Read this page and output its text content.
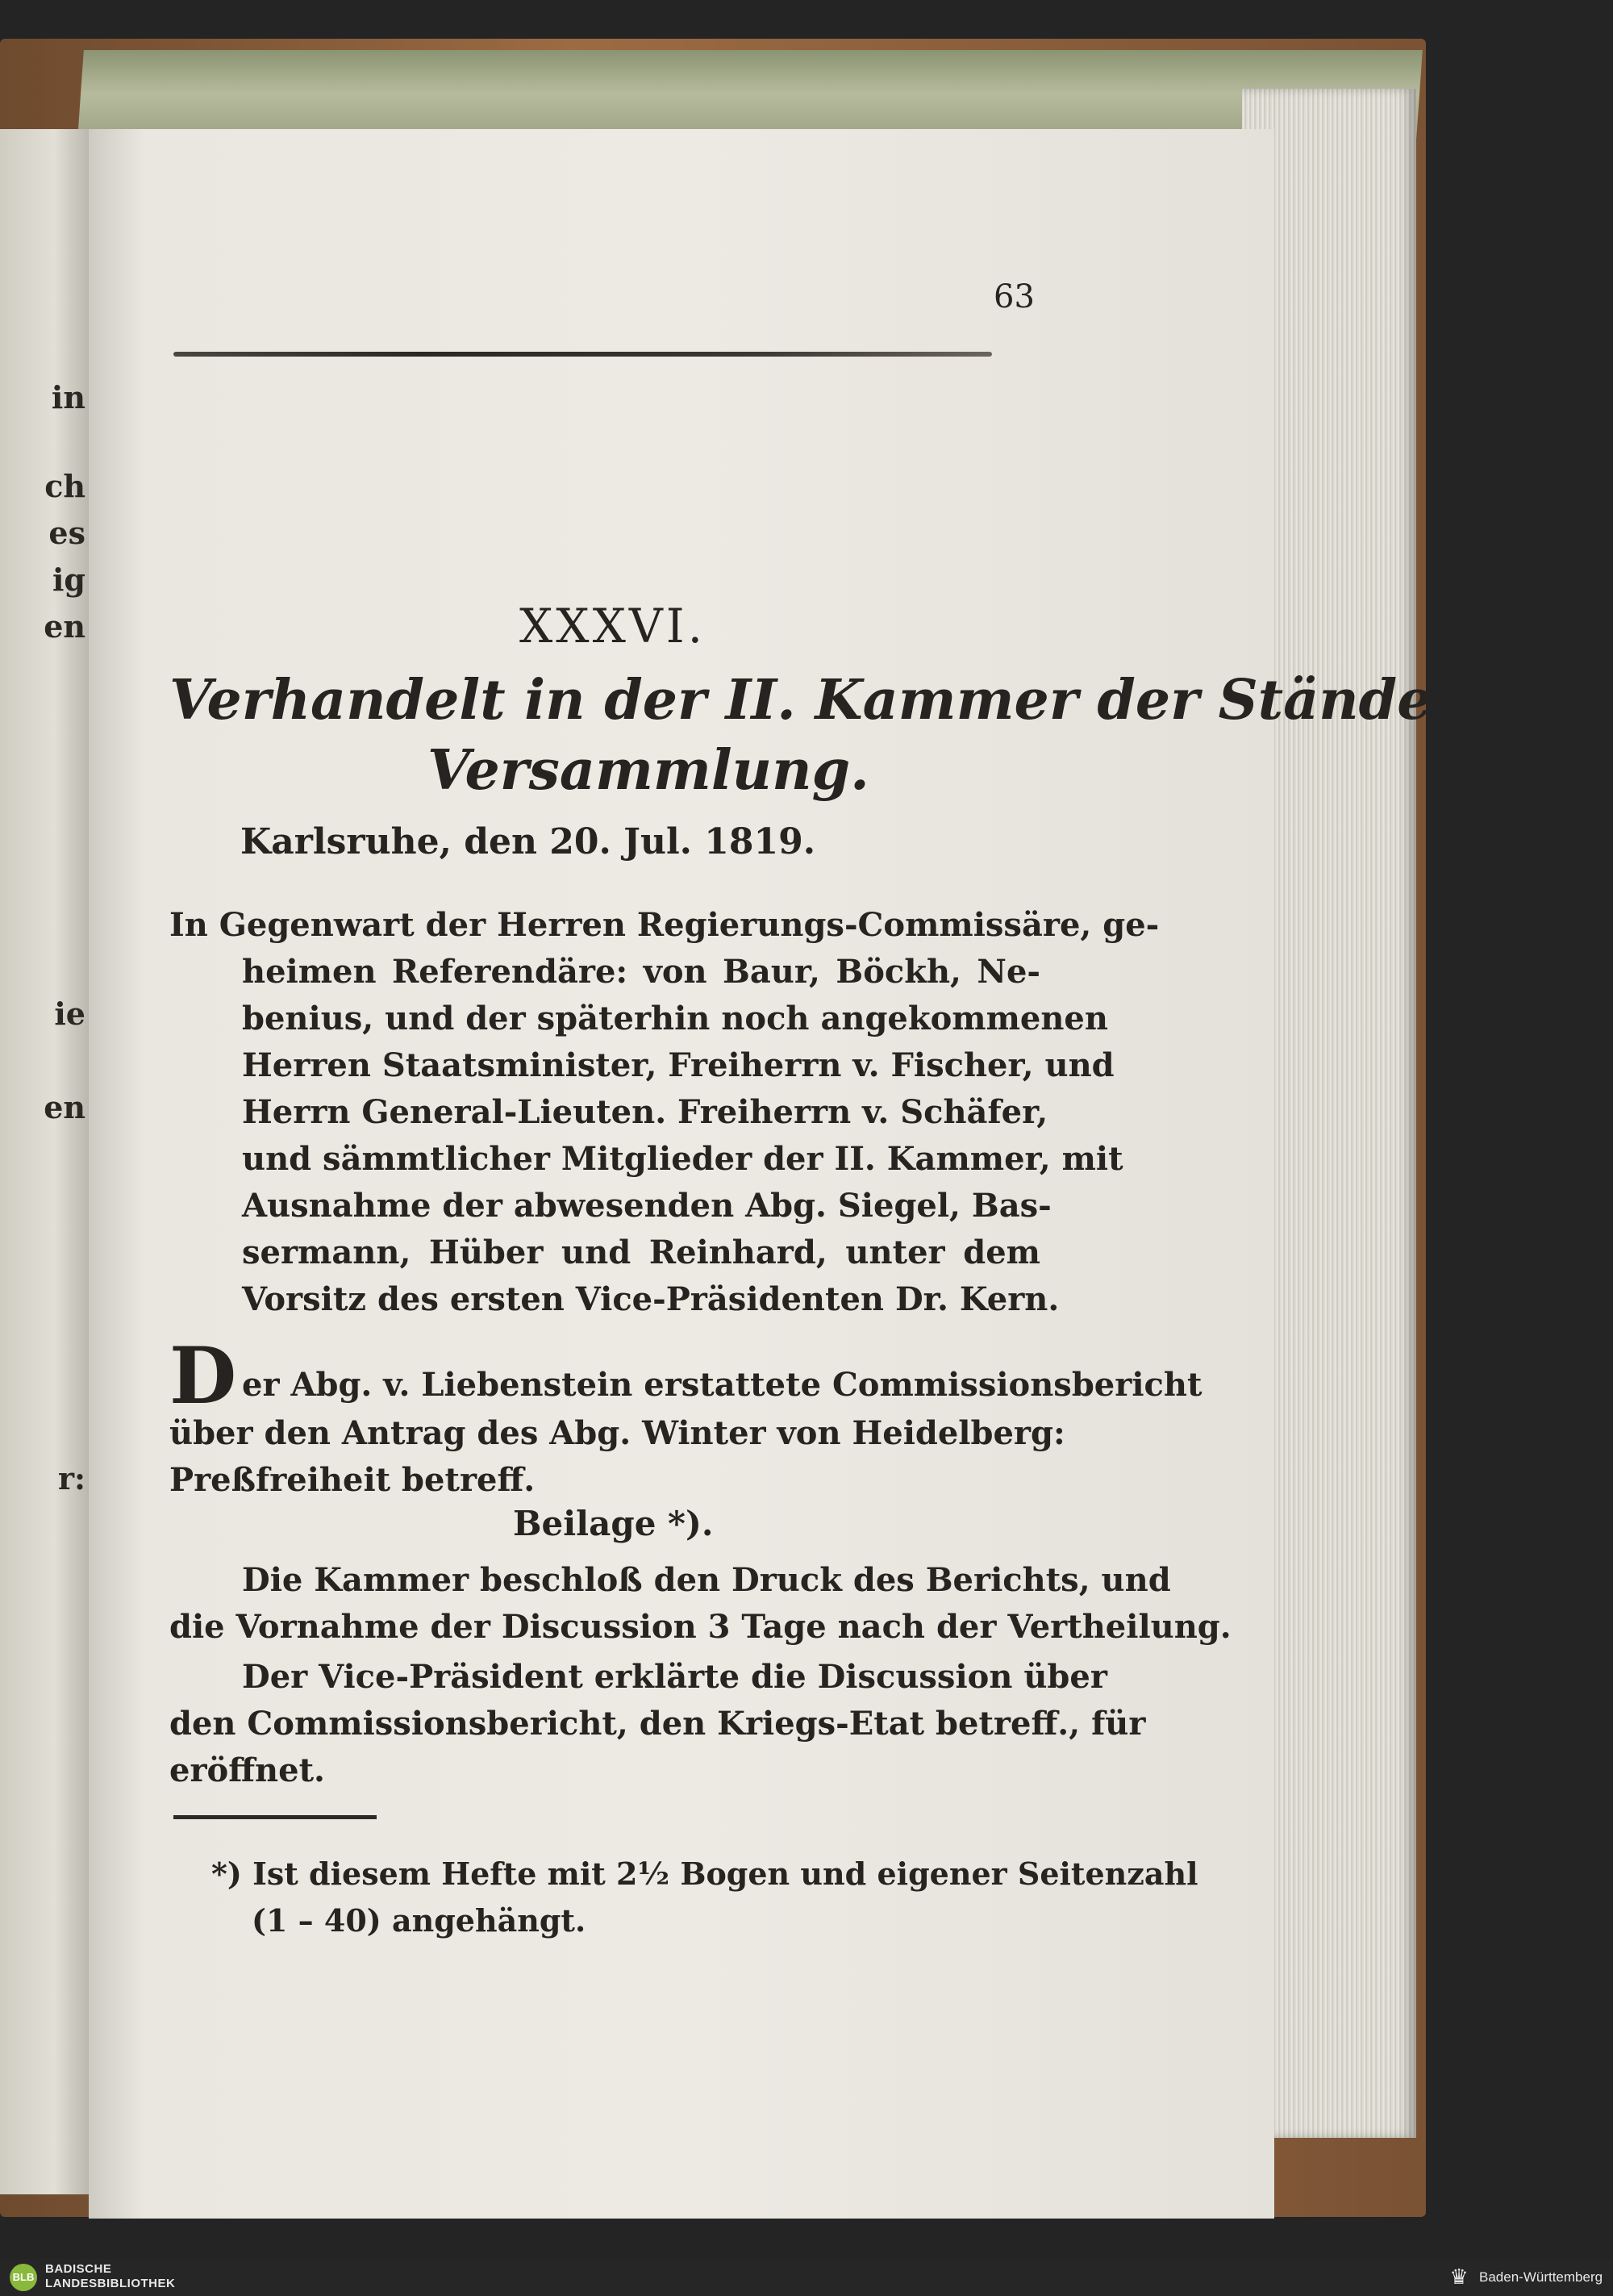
in
ch
es
ig
en
ie
en
r:
63
XXXVI.
Verhandelt in der II. Kammer der Stände-
Versammlung.
Karlsruhe, den 20. Jul. 1819.
In Gegenwart der Herren Regierungs-Commissäre, ge-
heimen Referendäre: von Baur, Böckh, Ne-
benius, und der späterhin noch angekommenen
Herren Staatsminister, Freiherrn v. Fischer, und
Herrn General-Lieuten. Freiherrn v. Schäfer,
und sämmtlicher Mitglieder der II. Kammer, mit
Ausnahme der abwesenden Abg. Siegel, Bas-
sermann, Hüber und Reinhard, unter dem
Vorsitz des ersten Vice-Präsidenten Dr. Kern.
D er Abg. v. Liebenstein erstattete Commissionsbericht
über den Antrag des Abg. Winter von Heidelberg:
Preßfreiheit betreff.
Beilage *).
Die Kammer beschloß den Druck des Berichts, und
die Vornahme der Discussion 3 Tage nach der Vertheilung.
Der Vice-Präsident erklärte die Discussion über
den Commissionsbericht, den Kriegs-Etat betreff., für
eröffnet.
*) Ist diesem Hefte mit 2½ Bogen und eigener Seitenzahl
(1 – 40) angehängt.
BLB
BADISCHE
LANDESBIBLIOTHEK	♛ Baden-Württemberg
